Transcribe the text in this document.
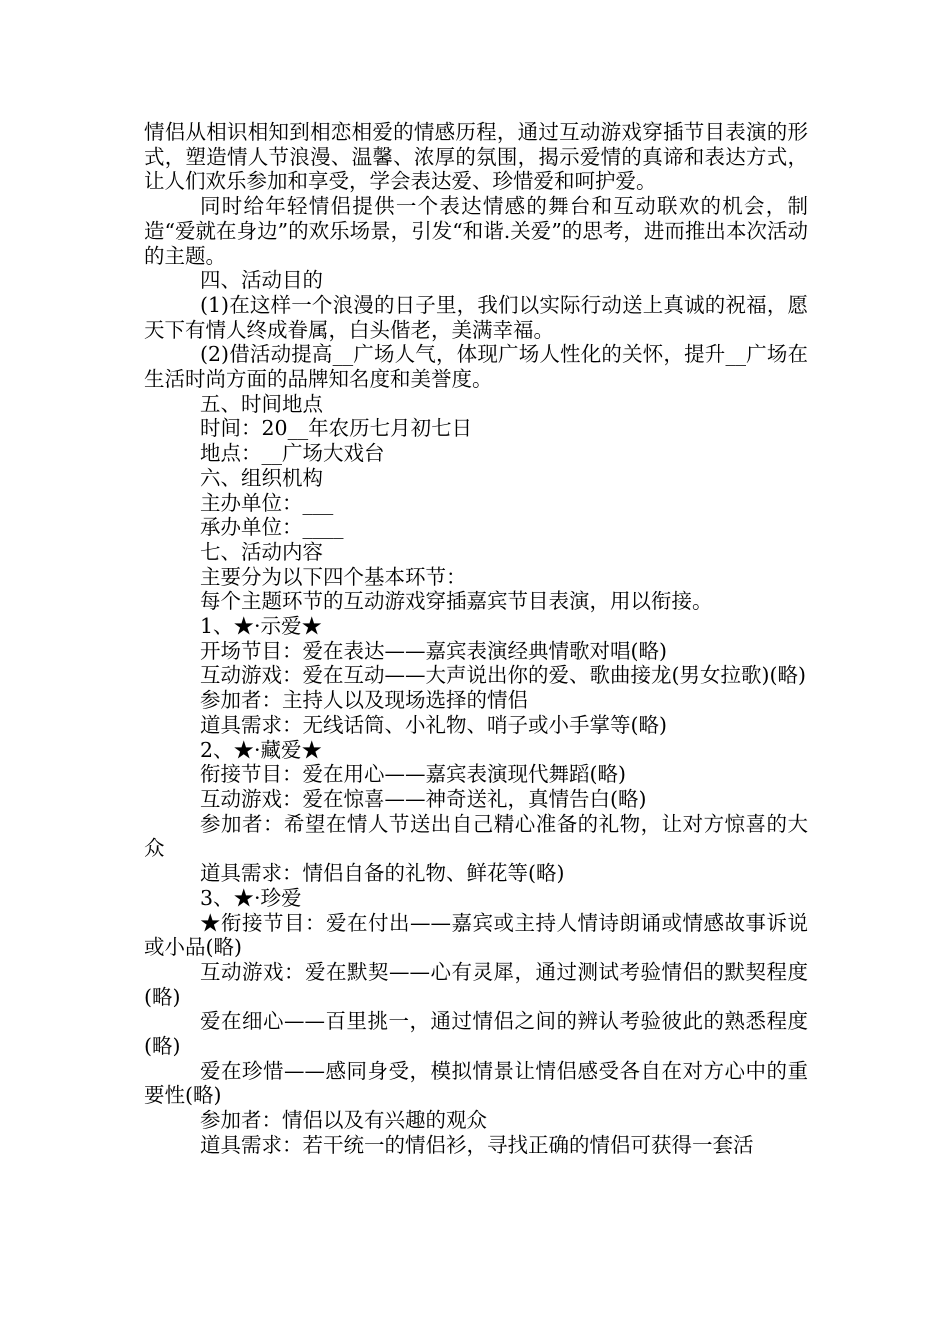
情侣从相识相知到相恋相爱的情感历程，通过互动游戏穿插节目表演的形式，塑造情人节浪漫、温馨、浓厚的氛围，揭示爱情的真谛和表达方式，让人们欢乐参加和享受，学会表达爱、珍惜爱和呵护爱。

同时给年轻情侣提供一个表达情感的舞台和互动联欢的机会，制造“爱就在身边”的欢乐场景，引发“和谐.关爱”的思考，进而推出本次活动的主题。

四、活动目的

(1)在这样一个浪漫的日子里，我们以实际行动送上真诚的祝福，愿天下有情人终成眷属，白头偕老，美满幸福。

(2)借活动提高__广场人气，体现广场人性化的关怀，提升__广场在生活时尚方面的品牌知名度和美誉度。

五、时间地点

时间：20__年农历七月初七日

地点：__广场大戏台

六、组织机构

主办单位：___

承办单位：____

七、活动内容

主要分为以下四个基本环节：

每个主题环节的互动游戏穿插嘉宾节目表演，用以衔接。

1、★·示爱★

开场节目：爱在表达——嘉宾表演经典情歌对唱(略)

互动游戏：爱在互动——大声说出你的爱、歌曲接龙(男女拉歌)(略)

参加者：主持人以及现场选择的情侣

道具需求：无线话筒、小礼物、哨子或小手掌等(略)

2、★·藏爱★

衔接节目：爱在用心——嘉宾表演现代舞蹈(略)

互动游戏：爱在惊喜——神奇送礼，真情告白(略)

参加者：希望在情人节送出自己精心准备的礼物，让对方惊喜的大众

道具需求：情侣自备的礼物、鲜花等(略)

3、★·珍爱

★衔接节目：爱在付出——嘉宾或主持人情诗朗诵或情感故事诉说或小品(略)

互动游戏：爱在默契——心有灵犀，通过测试考验情侣的默契程度(略)

爱在细心——百里挑一，通过情侣之间的辨认考验彼此的熟悉程度(略)

爱在珍惜——感同身受，模拟情景让情侣感受各自在对方心中的重要性(略)

参加者：情侣以及有兴趣的观众

道具需求：若干统一的情侣衫，寻找正确的情侣可获得一套活
